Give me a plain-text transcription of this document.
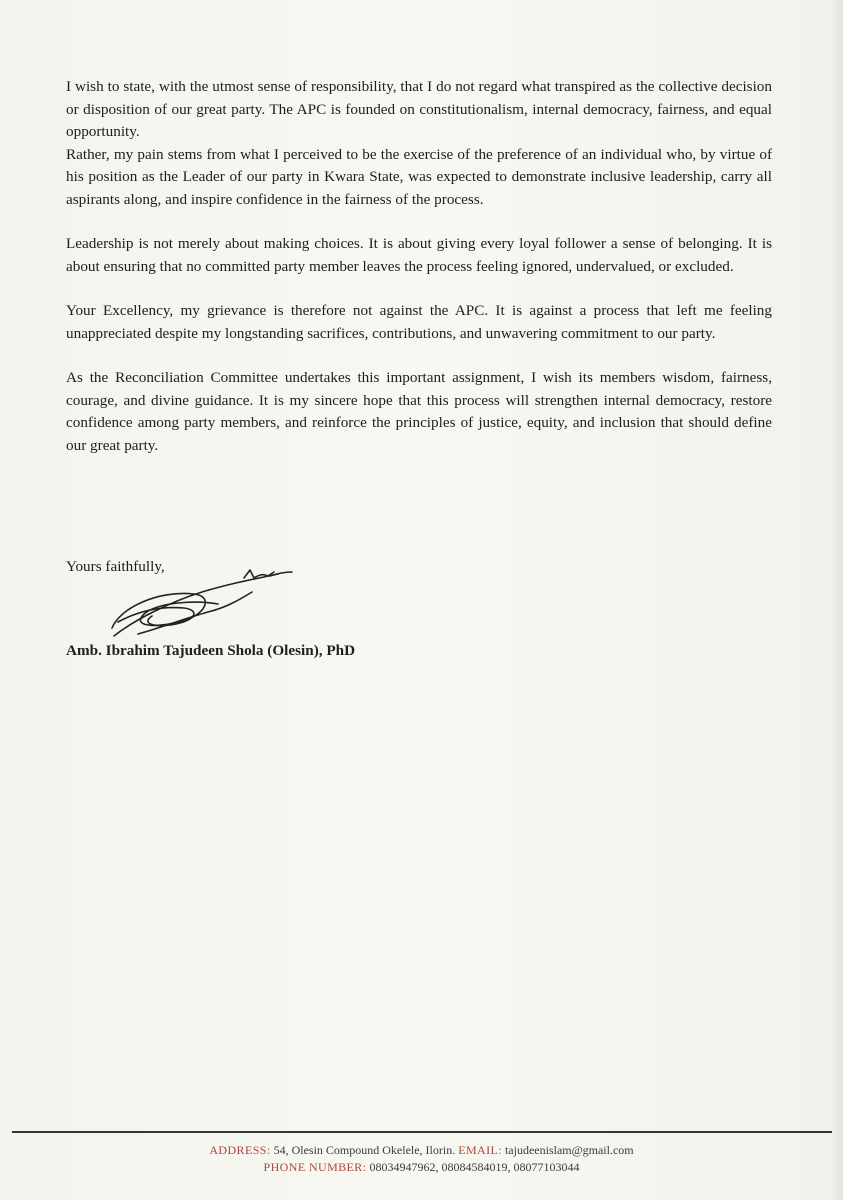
I wish to state, with the utmost sense of responsibility, that I do not regard what transpired as the collective decision or disposition of our great party. The APC is founded on constitutionalism, internal democracy, fairness, and equal opportunity.

Rather, my pain stems from what I perceived to be the exercise of the preference of an individual who, by virtue of his position as the Leader of our party in Kwara State, was expected to demonstrate inclusive leadership, carry all aspirants along, and inspire confidence in the fairness of the process.

Leadership is not merely about making choices. It is about giving every loyal follower a sense of belonging. It is about ensuring that no committed party member leaves the process feeling ignored, undervalued, or excluded.

Your Excellency, my grievance is therefore not against the APC. It is against a process that left me feeling unappreciated despite my longstanding sacrifices, contributions, and unwavering commitment to our party.

As the Reconciliation Committee undertakes this important assignment, I wish its members wisdom, fairness, courage, and divine guidance. It is my sincere hope that this process will strengthen internal democracy, restore confidence among party members, and reinforce the principles of justice, equity, and inclusion that should define our great party.

Yours faithfully,
Amb. Ibrahim Tajudeen Shola (Olesin), PhD
ADDRESS: 54, Olesin Compound Okelele, Ilorin. EMAIL: tajudeenislam@gmail.com
PHONE NUMBER: 08034947962, 08084584019, 08077103044
